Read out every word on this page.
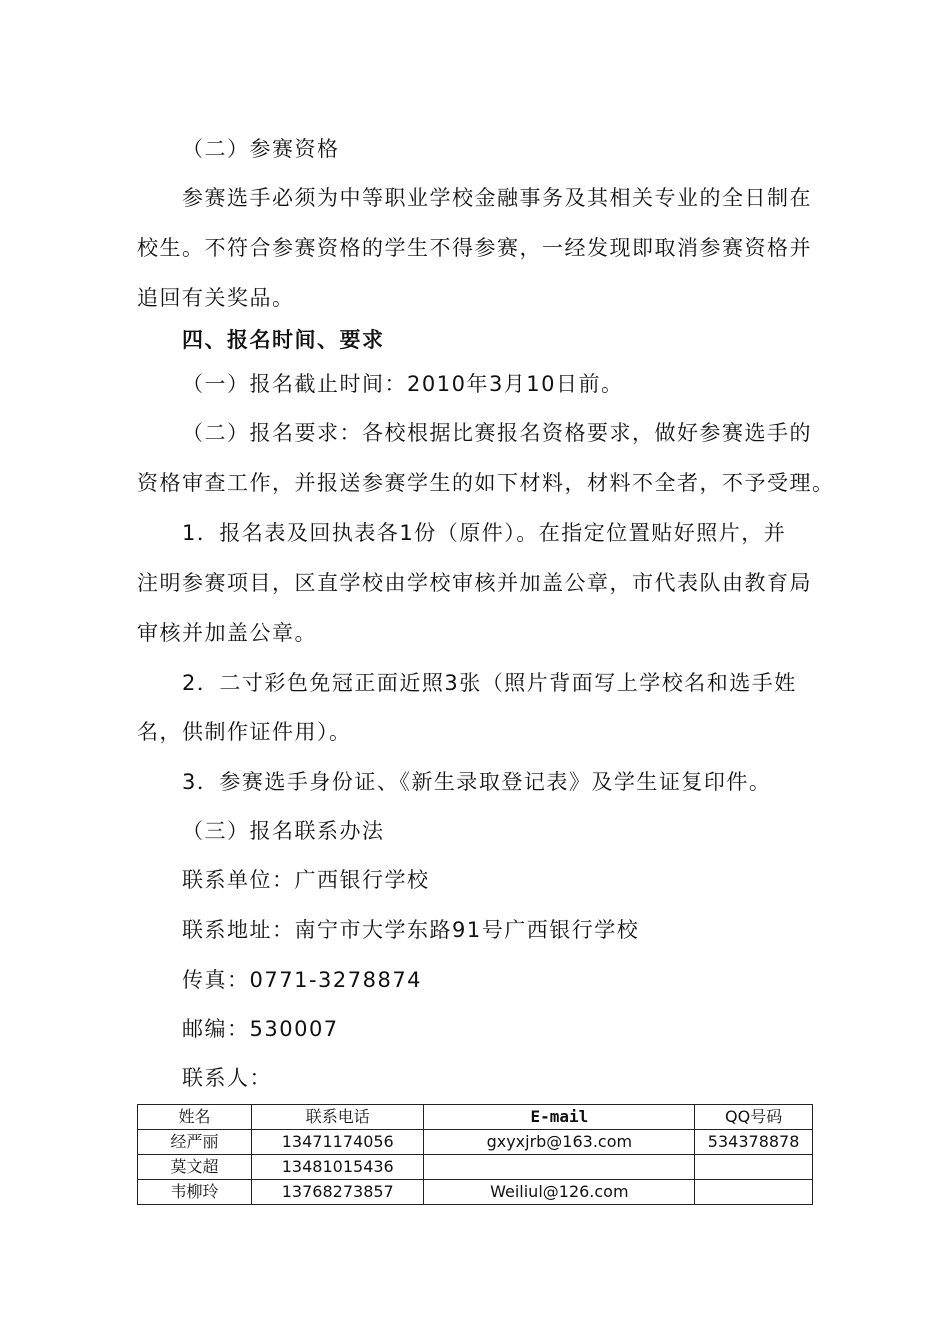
（二）参赛资格
参赛选手必须为中等职业学校金融事务及其相关专业的全日制在
校生。不符合参赛资格的学生不得参赛，一经发现即取消参赛资格并
追回有关奖品。
四、报名时间、要求
（一）报名截止时间：2010年3月10日前。
（二）报名要求：各校根据比赛报名资格要求，做好参赛选手的
资格审查工作，并报送参赛学生的如下材料，材料不全者，不予受理。
1．报名表及回执表各1份（原件）。在指定位置贴好照片，并
注明参赛项目，区直学校由学校审核并加盖公章，市代表队由教育局
审核并加盖公章。
2．二寸彩色免冠正面近照3张（照片背面写上学校名和选手姓
名，供制作证件用）。
3．参赛选手身份证、《新生录取登记表》及学生证复印件。
（三）报名联系办法
联系单位：广西银行学校
联系地址：南宁市大学东路91号广西银行学校
传真：0771-3278874
邮编：530007
联系人：
姓名	联系电话	E-mail	QQ号码
经严丽	13471174056	gxyxjrb@163.com	534378878
莫文超	13481015436		
韦柳玲	13768273857	Weiliul@126.com	
